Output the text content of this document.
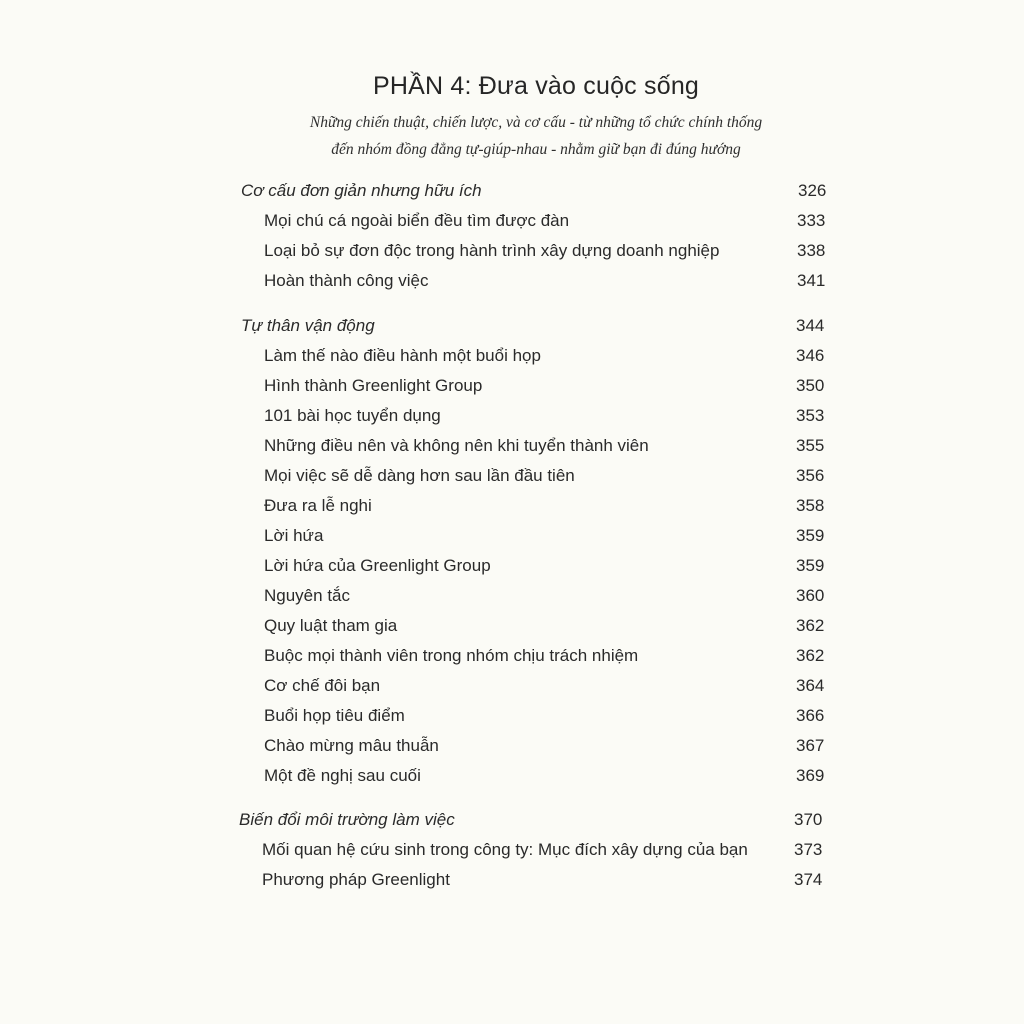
PHẦN 4: Đưa vào cuộc sống
Những chiến thuật, chiến lược, và cơ cấu - từ những tổ chức chính thống
đến nhóm đồng đẳng tự-giúp-nhau - nhằm giữ bạn đi đúng hướng
Cơ cấu đơn giản nhưng hữu ích	326
Mọi chú cá ngoài biển đều tìm được đàn	333
Loại bỏ sự đơn độc trong hành trình xây dựng doanh nghiệp	338
Hoàn thành công việc	341
Tự thân vận động	344
Làm thế nào điều hành một buổi họp	346
Hình thành Greenlight Group	350
101 bài học tuyển dụng	353
Những điều nên và không nên khi tuyển thành viên	355
Mọi việc sẽ dễ dàng hơn sau lần đầu tiên	356
Đưa ra lễ nghi	358
Lời hứa	359
Lời hứa của Greenlight Group	359
Nguyên tắc	360
Quy luật tham gia	362
Buộc mọi thành viên trong nhóm chịu trách nhiệm	362
Cơ chế đôi bạn	364
Buổi họp tiêu điểm	366
Chào mừng mâu thuẫn	367
Một đề nghị sau cuối	369
Biến đổi môi trường làm việc	370
Mối quan hệ cứu sinh trong công ty: Mục đích xây dựng của bạn	373
Phương pháp Greenlight	374
